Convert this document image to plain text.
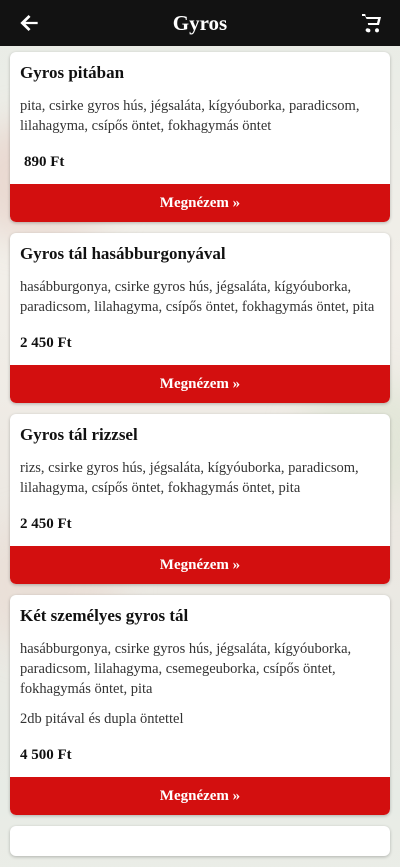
Gyros
Gyros pitában

pita, csirke gyros hús, jégsaláta, kígyóuborka, paradicsom, lilahagyma, csípős öntet, fokhagymás öntet

890 Ft
Megnézem »
Gyros tál hasábburgonyával

hasábburgonya, csirke gyros hús, jégsaláta, kígyóuborka, paradicsom, lilahagyma, csípős öntet, fokhagymás öntet, pita

2 450 Ft
Megnézem »
Gyros tál rizzsel

rizs, csirke gyros hús, jégsaláta, kígyóuborka, paradicsom, lilahagyma, csípős öntet, fokhagymás öntet, pita

2 450 Ft
Megnézem »
Két személyes gyros tál

hasábburgonya, csirke gyros hús, jégsaláta, kígyóuborka, paradicsom, lilahagyma, csemegeuborka, csípős öntet, fokhagymás öntet, pita

2db pitával és dupla öntettel

4 500 Ft
Megnézem »
